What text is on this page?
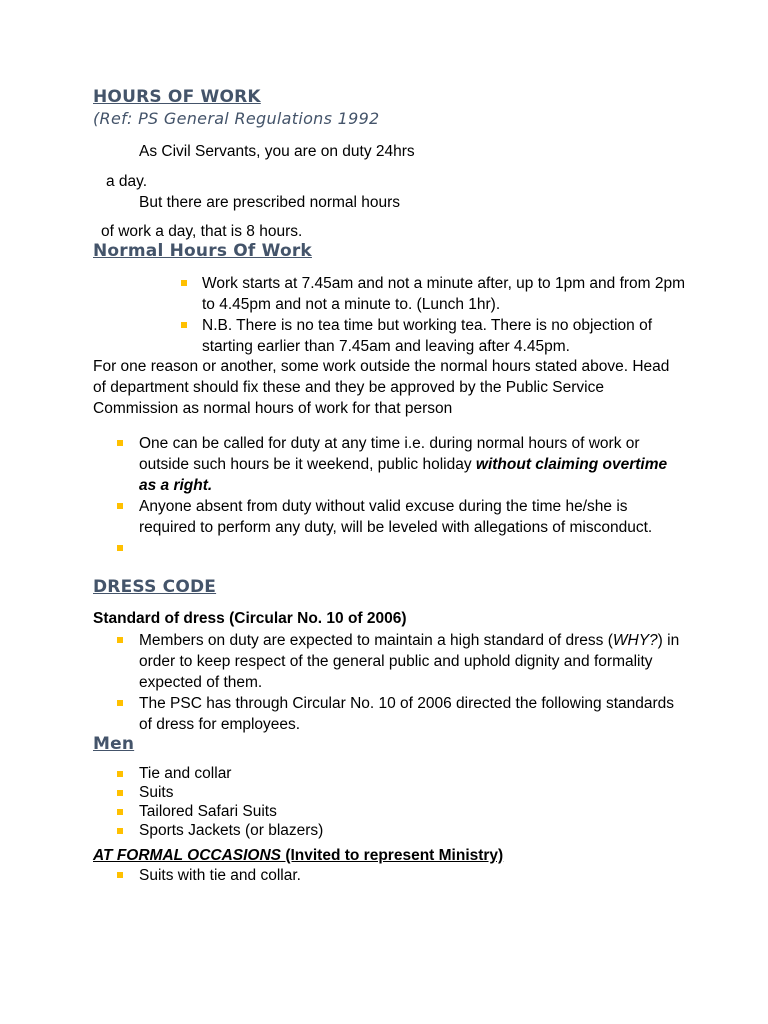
HOURS OF WORK
(Ref: PS General Regulations 1992
As Civil Servants, you are on duty 24hrs
a day.
But there are prescribed normal hours
of work a day, that is 8 hours.
Normal Hours Of Work
Work starts at 7.45am and not a minute after, up to 1pm and from 2pm to 4.45pm and not a minute to. (Lunch 1hr).
N.B. There is no tea time but working tea. There is no objection of starting earlier than 7.45am and leaving after 4.45pm.
For one reason or another, some work outside the normal hours stated above. Head of department should fix these and they be approved by the Public Service Commission as normal hours of work for that person
One can be called for duty at any time i.e. during normal hours of work or outside such hours be it weekend, public holiday without claiming overtime as a right.
Anyone absent from duty without valid excuse during the time he/she is required to perform any duty, will be leveled with allegations of misconduct.
DRESS CODE
Standard of dress (Circular No. 10 of 2006)
Members on duty are expected to maintain a high standard of dress (WHY?) in order to keep respect of the general public and uphold dignity and formality expected of them.
The PSC has through Circular No. 10 of 2006 directed the following standards of dress for employees.
Men
Tie and collar
Suits
Tailored Safari Suits
Sports Jackets (or blazers)
AT FORMAL OCCASIONS (Invited to represent Ministry)
Suits with tie and collar.
